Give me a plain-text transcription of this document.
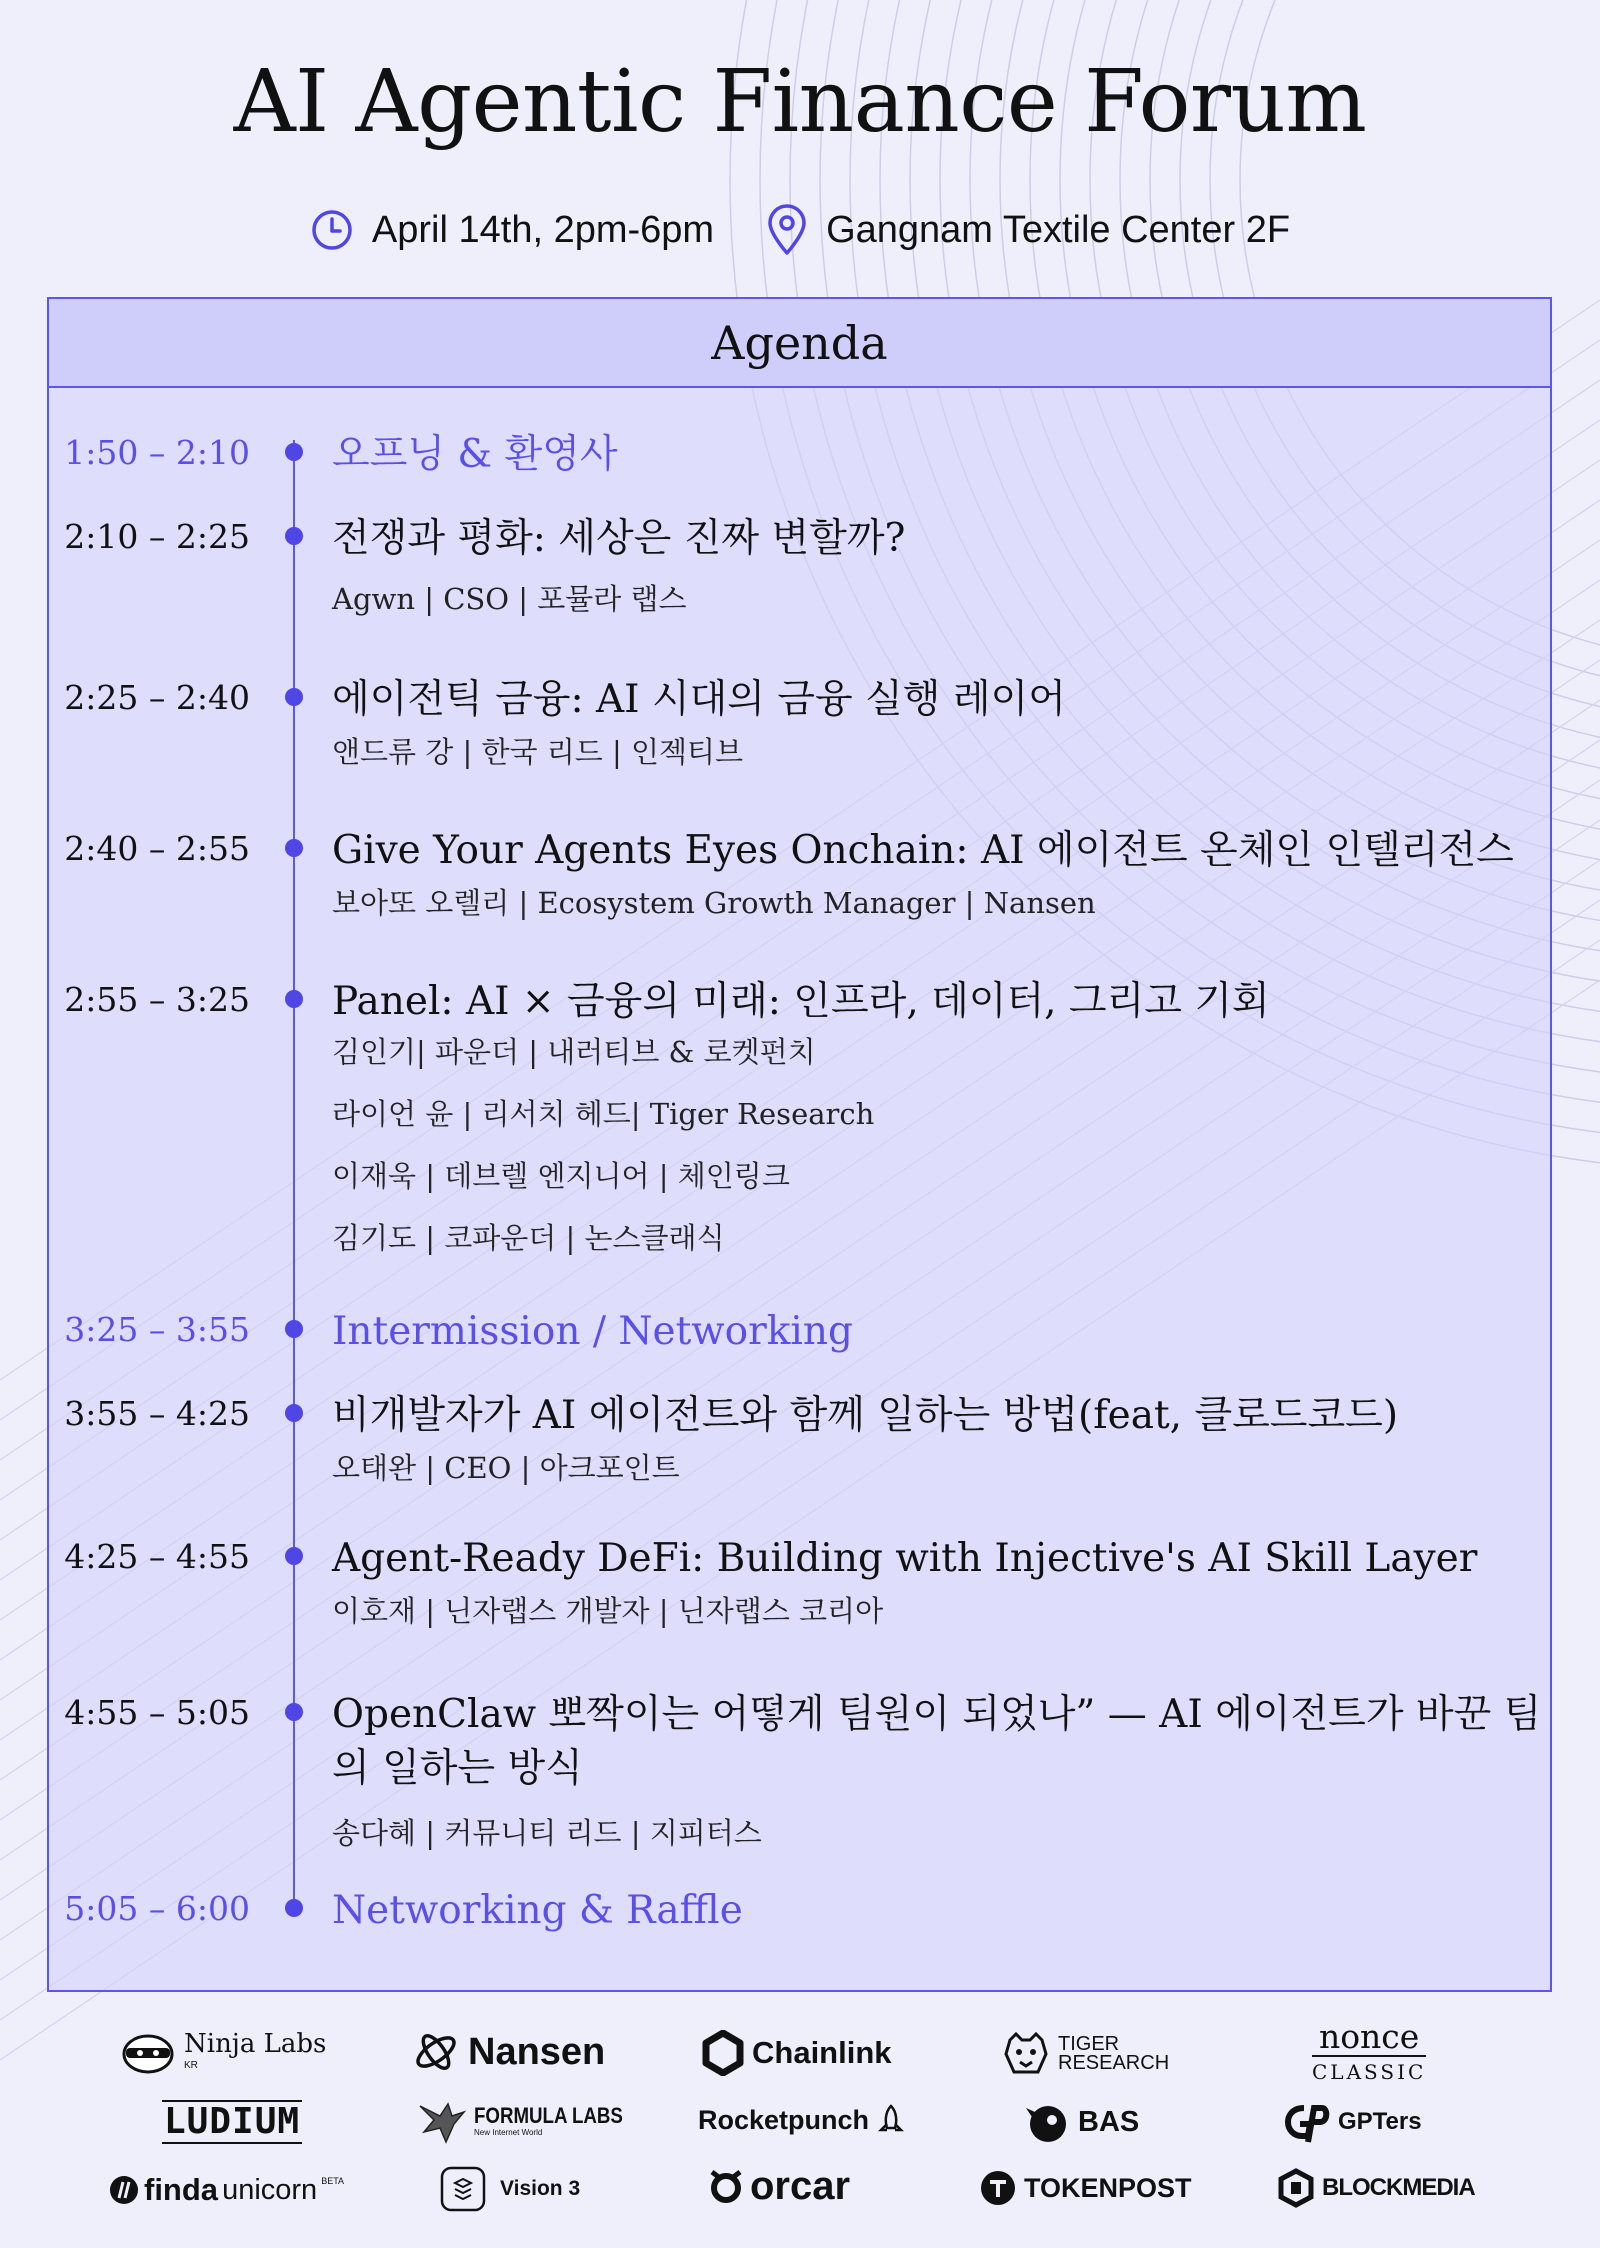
AI Agentic Finance Forum
April 14th, 2pm-6pm	Gangnam Textile Center 2F
Agenda
1:50 – 2:10 오프닝 & 환영사
2:10 – 2:25 전쟁과 평화: 세상은 진짜 변할까?
Agwn | CSO | 포뮬라 랩스
2:25 – 2:40 에이전틱 금융: AI 시대의 금융 실행 레이어
앤드류 강 | 한국 리드 | 인젝티브
2:40 – 2:55 Give Your Agents Eyes Onchain: AI 에이전트 온체인 인텔리전스
보아또 오렐리 | Ecosystem Growth Manager | Nansen
2:55 – 3:25 Panel: AI × 금융의 미래: 인프라, 데이터, 그리고 기회
김인기| 파운더 | 내러티브 & 로켓펀치
라이언 윤 | 리서치 헤드| Tiger Research
이재욱 | 데브렐 엔지니어 | 체인링크
김기도 | 코파운더 | 논스클래식
3:25 – 3:55 Intermission / Networking
3:55 – 4:25 비개발자가 AI 에이전트와 함께 일하는 방법(feat, 클로드코드)
오태완 | CEO | 아크포인트
4:25 – 4:55 Agent-Ready DeFi: Building with Injective's AI Skill Layer
이호재 | 닌자랩스 개발자 | 닌자랩스 코리아
4:55 – 5:05 OpenClaw 뽀짝이는 어떻게 팀원이 되었나” — AI 에이전트가 바꾼 팀의 일하는 방식
송다혜 | 커뮤니티 리드 | 지피터스
5:05 – 6:00 Networking & Raffle
Ninja Labs
KR	Nansen	Chainlink	TIGER
RESEARCH
nonce
CLASSIC
LUDIUM	FORMULA LABS
New Internet World	Rocketpunch	BAS	GPTers
finda unicorn BETA	Vision 3	orcar	TOKENPOST	BLOCKMEDIA
